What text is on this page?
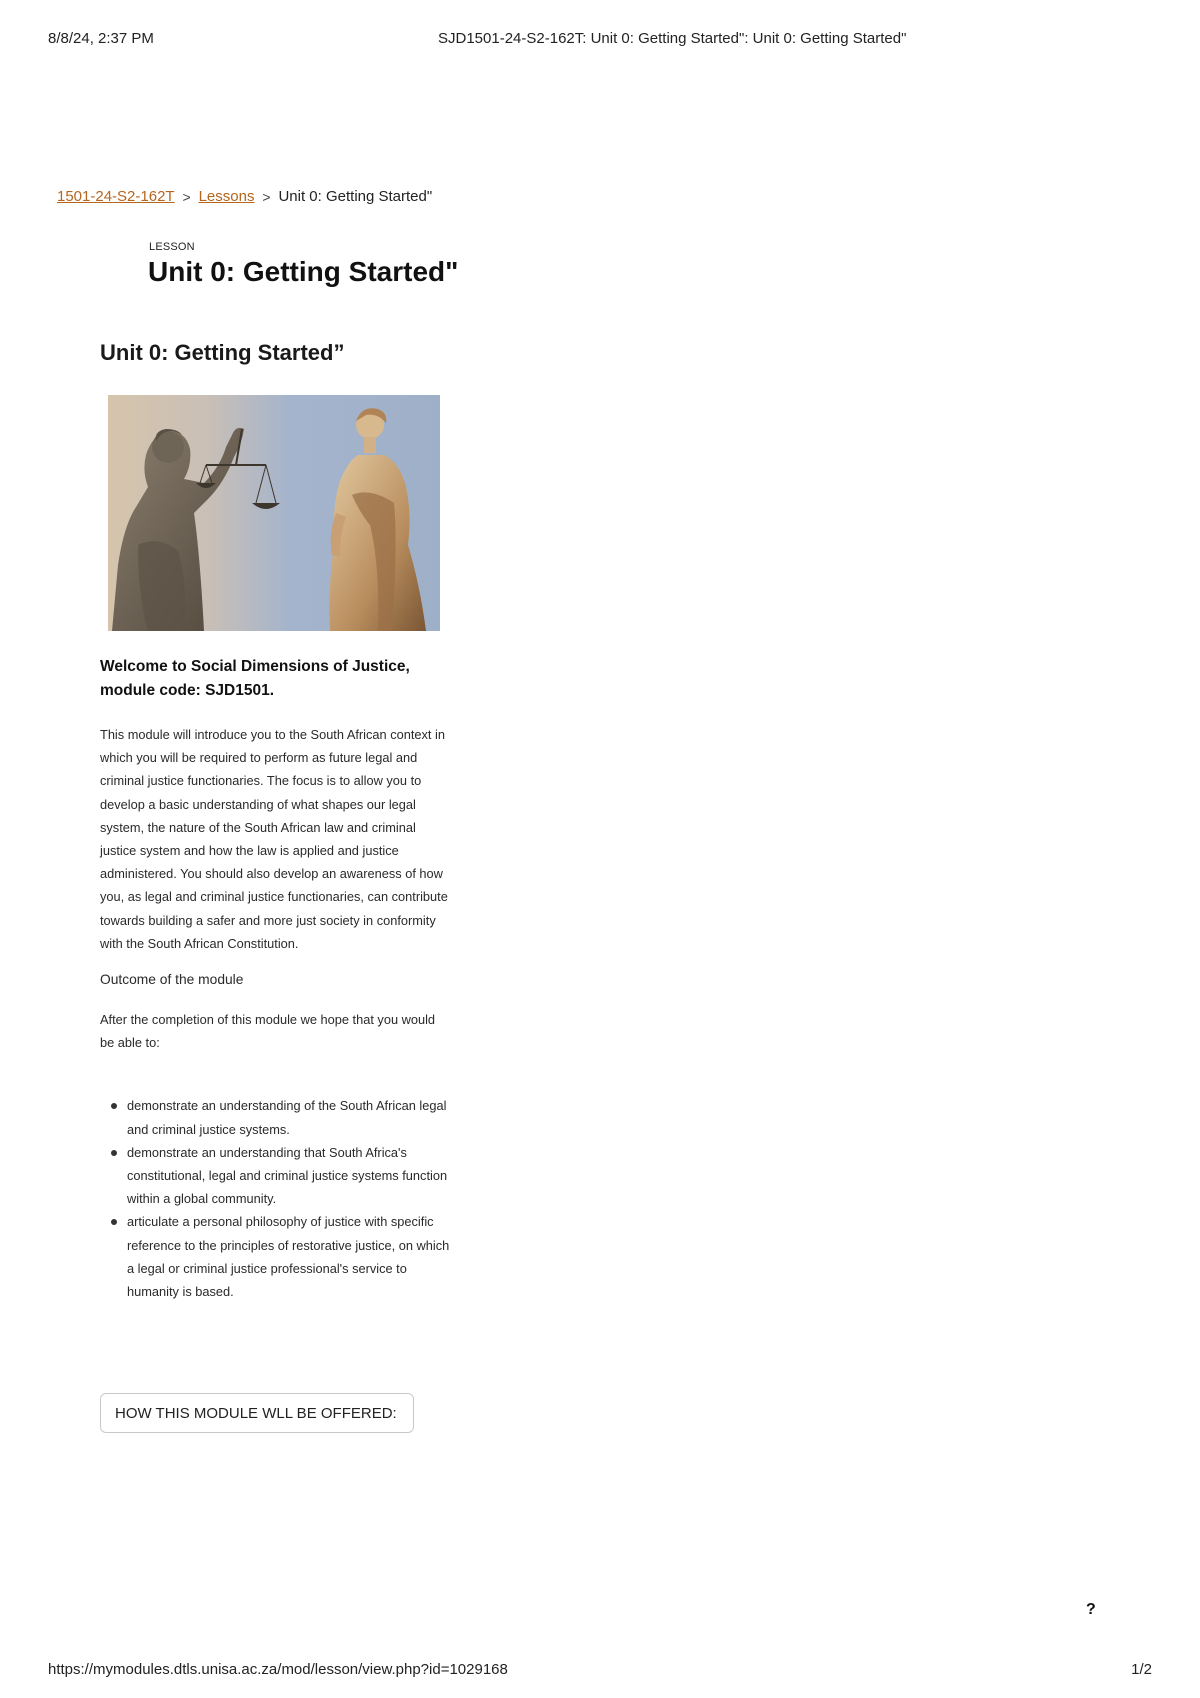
8/8/24, 2:37 PM	SJD1501-24-S2-162T: Unit 0: Getting Started": Unit 0: Getting Started"
1501-24-S2-162T > Lessons > Unit 0: Getting Started"
LESSON
Unit 0: Getting Started"
Unit 0: Getting Started”

Welcome to Social Dimensions of Justice, module code: SJD1501.

This module will introduce you to the South African context in which you will be required to perform as future legal and criminal justice functionaries. The focus is to allow you to develop a basic understanding of what shapes our legal system, the nature of the South African law and criminal justice system and how the law is applied and justice administered. You should also develop an awareness of how you, as legal and criminal justice functionaries, can contribute towards building a safer and more just society in conformity with the South African Constitution.

Outcome of the module

After the completion of this module we hope that you would be able to:

demonstrate an understanding of the South African legal and criminal justice systems.
demonstrate an understanding that South Africa's constitutional, legal and criminal justice systems function within a global community.
articulate a personal philosophy of justice with specific reference to the principles of restorative justice, on which a legal or criminal justice professional's service to humanity is based.
HOW THIS MODULE WLL BE OFFERED:
?
https://mymodules.dtls.unisa.ac.za/mod/lesson/view.php?id=1029168	1/2
